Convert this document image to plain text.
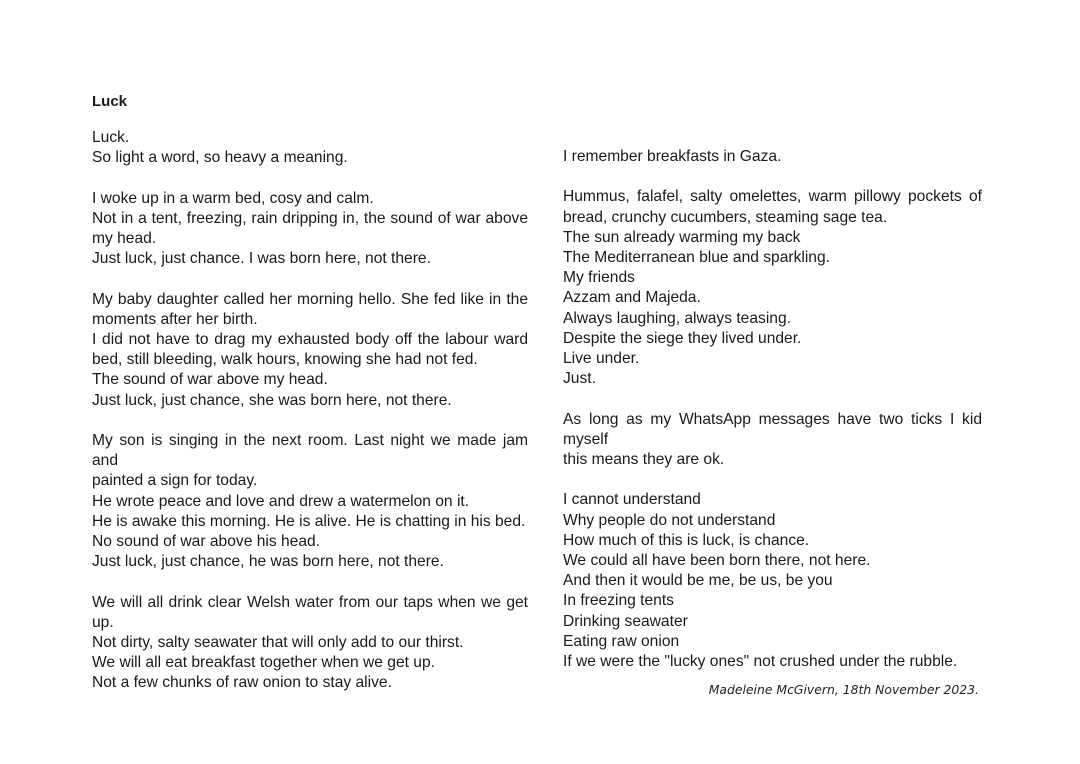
Luck

Luck.
So light a word, so heavy a meaning.

I woke up in a warm bed, cosy and calm.
Not in a tent, freezing, rain dripping in, the sound of war above
my head.
Just luck, just chance. I was born here, not there.

My baby daughter called her morning hello. She fed like in the
moments after her birth.
I did not have to drag my exhausted body off the labour ward
bed, still bleeding, walk hours, knowing she had not fed.
The sound of war above my head.
Just luck, just chance, she was born here, not there.

My son is singing in the next room. Last night we made jam and
painted a sign for today.
He wrote peace and love and drew a watermelon on it.
He is awake this morning. He is alive. He is chatting in his bed.
No sound of war above his head.
Just luck, just chance, he was born here, not there.

We will all drink clear Welsh water from our taps when we get up.
Not dirty, salty seawater that will only add to our thirst.
We will all eat breakfast together when we get up.
Not a few chunks of raw onion to stay alive.

I remember breakfasts in Gaza.

Hummus, falafel, salty omelettes, warm pillowy pockets of
bread, crunchy cucumbers, steaming sage tea.
The sun already warming my back
The Mediterranean blue and sparkling.
My friends
Azzam and Majeda.
Always laughing, always teasing.
Despite the siege they lived under.
Live under.
Just.

As long as my WhatsApp messages have two ticks I kid myself
this means they are ok.

I cannot understand
Why people do not understand
How much of this is luck, is chance.
We could all have been born there, not here.
And then it would be me, be us, be you
In freezing tents
Drinking seawater
Eating raw onion
If we were the "lucky ones" not crushed under the rubble.

Madeleine McGivern, 18th November 2023.
